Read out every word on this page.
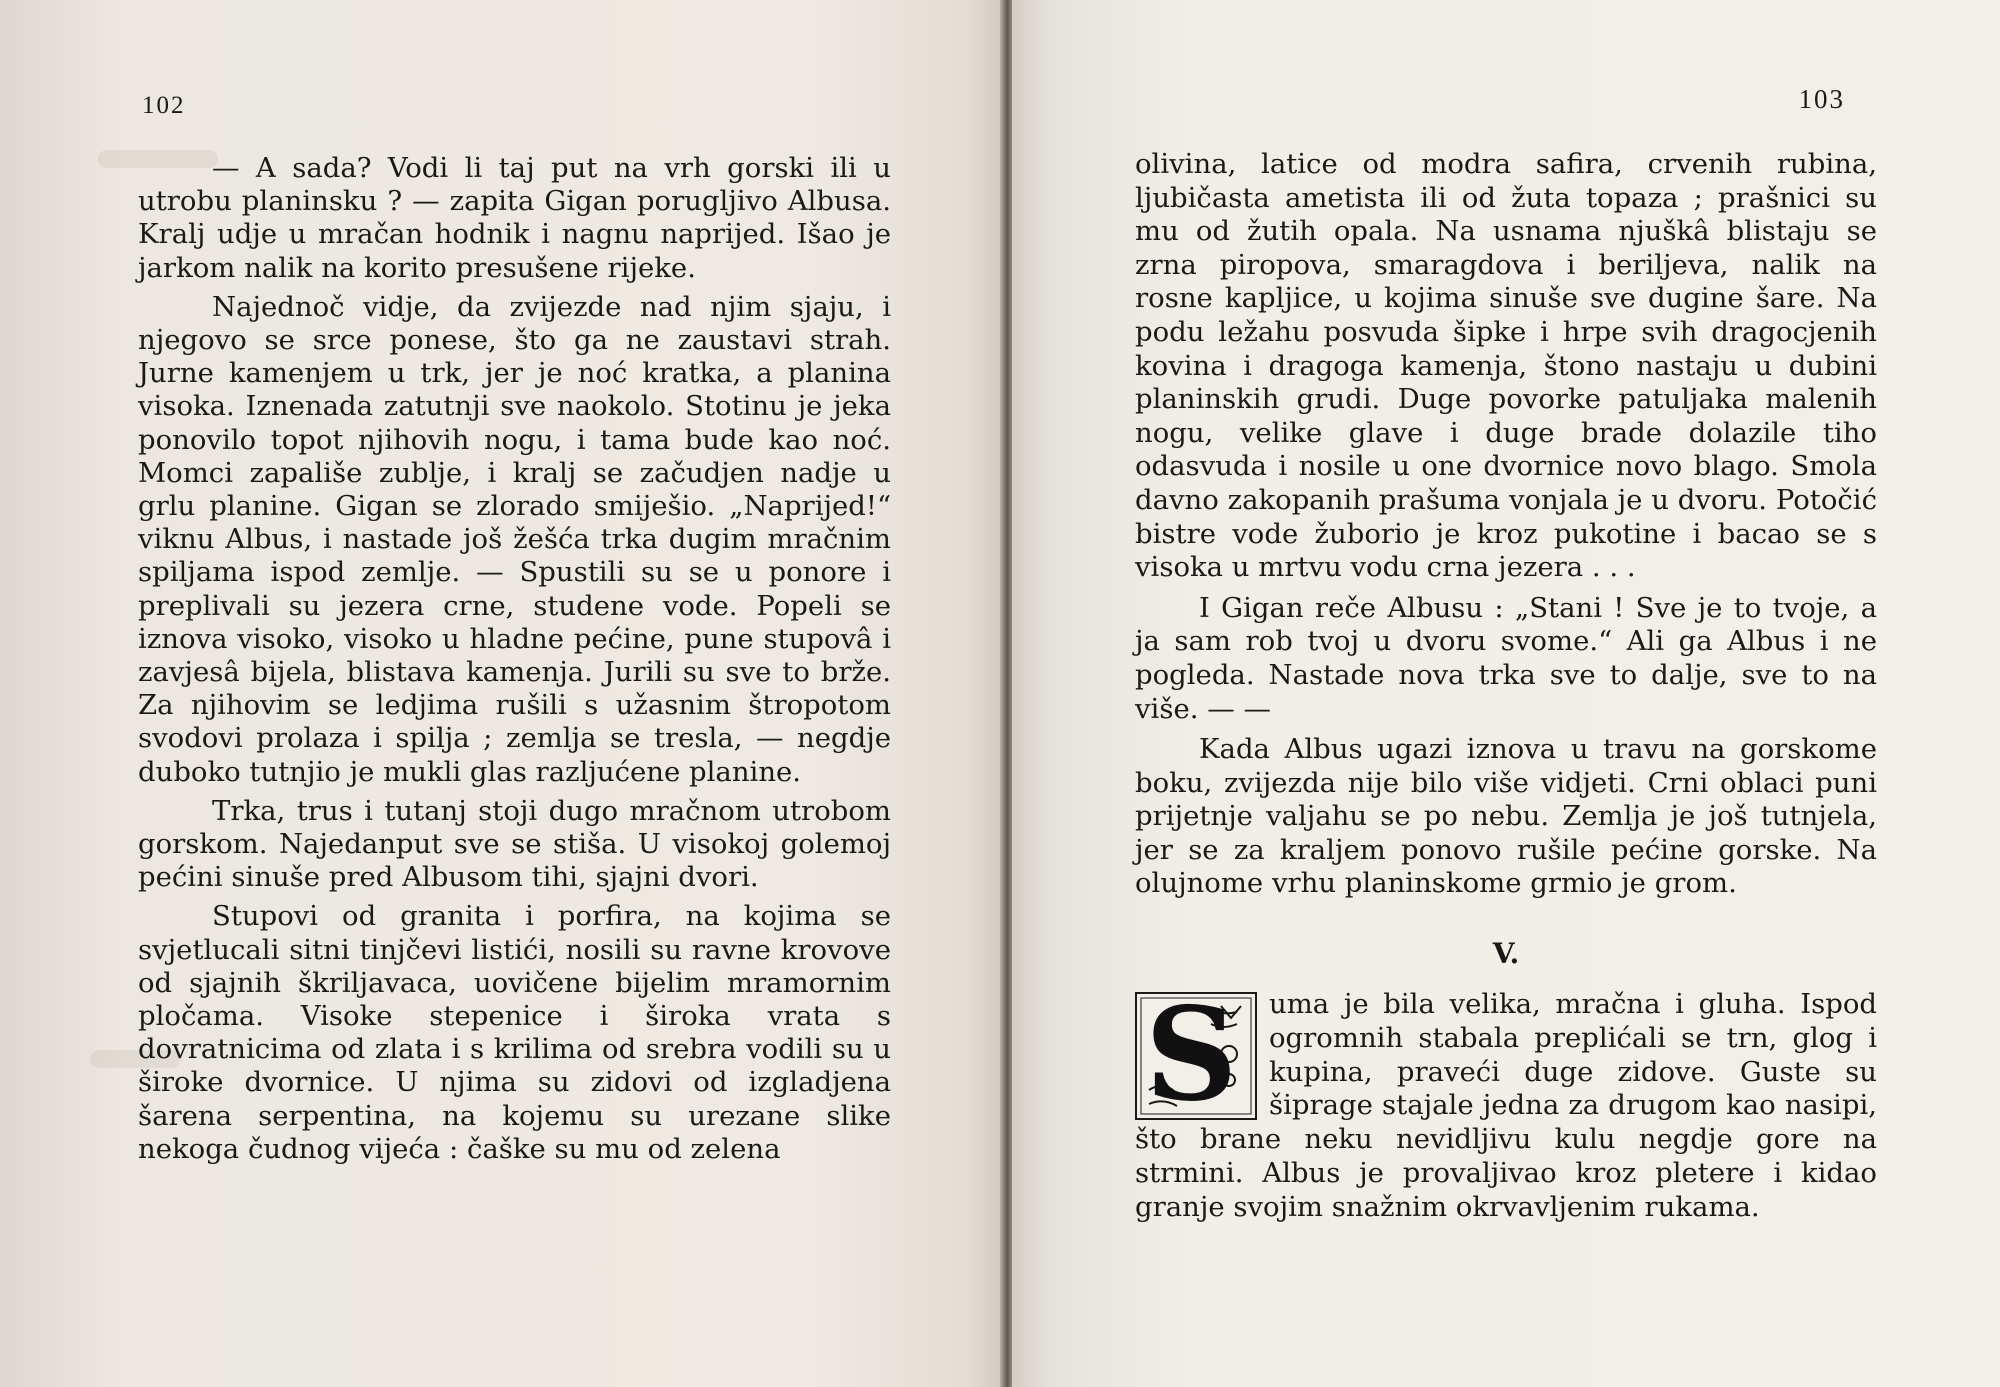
102

— A sada? Vodi li taj put na vrh gorski ili u utrobu planinsku ? — zapita Gigan porugljivo Albusa. Kralj udje u mračan hodnik i nagnu naprijed. Išao je jarkom nalik na korito presušene rijeke.

Najednoč vidje, da zvijezde nad njim sjaju, i njegovo se srce ponese, što ga ne zaustavi strah. Jurne kamenjem u trk, jer je noć kratka, a planina visoka. Iznenada zatutnji sve naokolo. Stotinu je jeka ponovilo topot njihovih nogu, i tama bude kao noć. Momci zapališe zublje, i kralj se začudjen nadje u grlu planine. Gigan se zlorado smiješio. „Naprijed!“ viknu Albus, i nastade još žešća trka dugim mračnim spiljama ispod zemlje. — Spustili su se u ponore i preplivali su jezera crne, studene vode. Popeli se iznova visoko, visoko u hladne pećine, pune stupovâ i zavjesâ bijela, blistava kamenja. Jurili su sve to brže. Za njihovim se ledjima rušili s užasnim štropotom svodovi prolaza i spilja ; zemlja se tresla, — negdje duboko tutnjio je mukli glas razljućene planine.

Trka, trus i tutanj stoji dugo mračnom utrobom gorskom. Najedanput sve se stiša. U visokoj golemoj pećini sinuše pred Albusom tihi, sjajni dvori.

Stupovi od granita i porfira, na kojima se svjetlucali sitni tinjčevi listići, nosili su ravne krovove od sjajnih škriljavaca, uovičene bijelim mramornim pločama. Visoke stepenice i široka vrata s dovratnicima od zlata i s krilima od srebra vodili su u široke dvornice. U njima su zidovi od izgladjena šarena serpentina, na kojemu su urezane slike nekoga čudnog vijeća : čaške su mu od zelena

103

olivina, latice od modra safira, crvenih rubina, ljubičasta ametista ili od žuta topaza ; prašnici su mu od žutih opala. Na usnama njuškâ blistaju se zrna piropova, smaragdova i beriljeva, nalik na rosne kapljice, u kojima sinuše sve dugine šare. Na podu ležahu posvuda šipke i hrpe svih dragocjenih kovina i dragoga kamenja, štono nastaju u dubini planinskih grudi. Duge povorke patuljaka malenih nogu, velike glave i duge brade dolazile tiho odasvuda i nosile u one dvornice novo blago. Smola davno zakopanih prašuma vonjala je u dvoru. Potočić bistre vode žuborio je kroz pukotine i bacao se s visoka u mrtvu vodu crna jezera . . .

I Gigan reče Albusu : „Stani ! Sve je to tvoje, a ja sam rob tvoj u dvoru svome.“ Ali ga Albus i ne pogleda. Nastade nova trka sve to dalje, sve to na više. — —

Kada Albus ugazi iznova u travu na gorskome boku, zvijezda nije bilo više vidjeti. Crni oblaci puni prijetnje valjahu se po nebu. Zemlja je još tutnjela, jer se za kraljem ponovo rušile pećine gorske. Na olujnome vrhu planinskome grmio je grom.

V.
S uma je bila velika, mračna i gluha. Ispod ogromnih stabala preplićali se trn, glog i kupina, praveći duge zidove. Guste su šiprage stajale jedna za drugom kao nasipi, što brane neku nevidljivu kulu negdje gore na strmini. Albus je provaljivao kroz pletere i kidao granje svojim snažnim okrvavljenim rukama.
